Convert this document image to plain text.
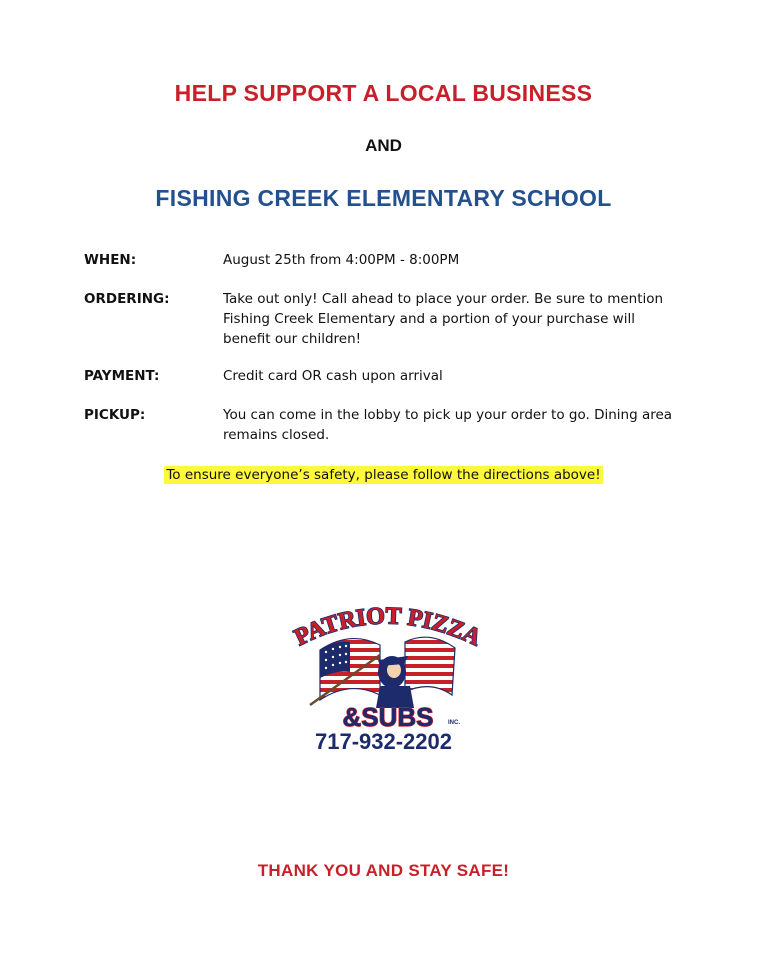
HELP SUPPORT A LOCAL BUSINESS
AND
FISHING CREEK ELEMENTARY SCHOOL
WHEN:	August 25th from 4:00PM - 8:00PM
ORDERING:	Take out only! Call ahead to place your order. Be sure to mention Fishing Creek Elementary and a portion of your purchase will benefit our children!
PAYMENT:	Credit card OR cash upon arrival
PICKUP:	You can come in the lobby to pick up your order to go. Dining area remains closed.
To ensure everyone’s safety, please follow the directions above!
PATRIOT PIZZA
&SUBS INC.
717-932-2202
THANK YOU AND STAY SAFE!
